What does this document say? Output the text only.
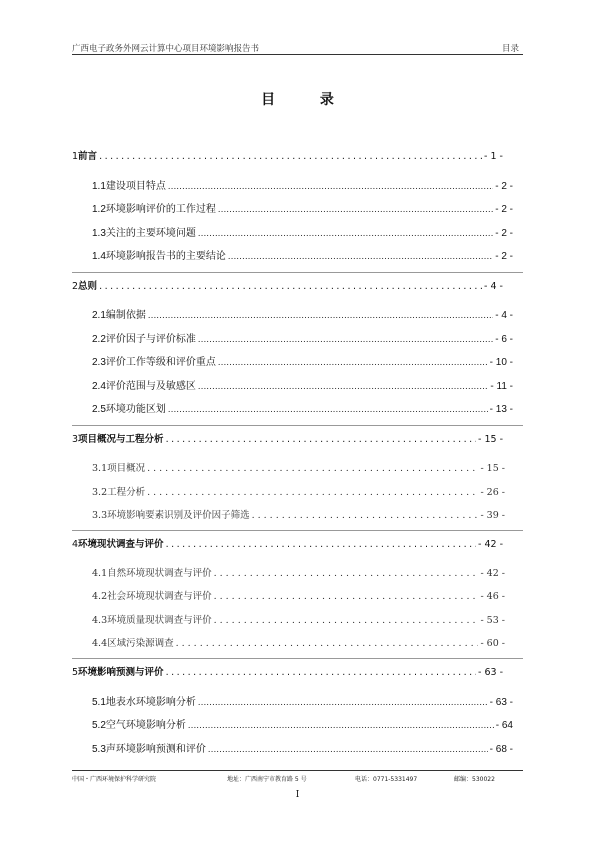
广西电子政务外网云计算中心项目环境影响报告书	目录
目 录
1 前言 .....	- 1 -
1.1 建设项目特点 .....	- 2 -
1.2 环境影响评价的工作过程 .....	- 2 -
1.3 关注的主要环境问题 .....	- 2 -
1.4 环境影响报告书的主要结论 .....	- 2 -
2 总则 .....	- 4 -
2.1 编制依据 .....	- 4 -
2.2 评价因子与评价标准 .....	- 6 -
2.3 评价工作等级和评价重点 .....	- 10 -
2.4 评价范围与及敏感区 .....	- 11 -
2.5 环境功能区划 .....	- 13 -
3 项目概况与工程分析 .....	- 15 -
3.1 项目概况 .....	- 15 -
3.2 工程分析 .....	- 26 -
3.3 环境影响要素识别及评价因子筛选 .....	- 39 -
4 环境现状调查与评价 .....	- 42 -
4.1 自然环境现状调查与评价 .....	- 42 -
4.2 社会环境现状调查与评价 .....	- 46 -
4.3 环境质量现状调查与评价 .....	- 53 -
4.4 区域污染源调查 .....	- 60 -
5 环境影响预测与评价 .....	- 63 -
5.1 地表水环境影响分析 .....	- 63 -
5.2 空气环境影响分析 .....	- 64
5.3 声环境影响预测和评价 .....	- 68 -
中国・广西环境保护科学研究院	地址：广西南宁市教育路 5 号	电话：0771-5331497	邮编：530022
I
